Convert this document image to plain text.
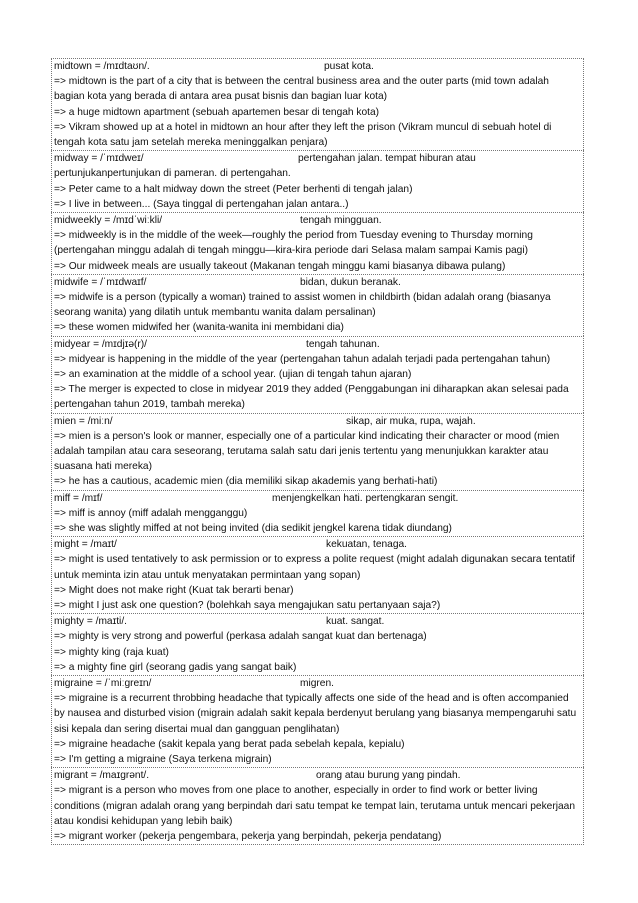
midtown = /mɪdtaʊn/.	pusat kota.
=> midtown is the part of a city that is between the central business area and the outer parts (mid town adalah bagian kota yang berada di antara area pusat bisnis dan bagian luar kota)
=> a huge midtown apartment (sebuah apartemen besar di tengah kota)
=> Vikram showed up at a hotel in midtown an hour after they left the prison (Vikram muncul di sebuah hotel di tengah kota satu jam setelah mereka meninggalkan penjara)
midway = /ˈmɪdweɪ/	pertengahan jalan. tempat hiburan atau pertunjukanpertunjukan di pameran. di pertengahan.
=> Peter came to a halt midway down the street (Peter berhenti di tengah jalan)
=> I live in between... (Saya tinggal di pertengahan jalan antara..)
midweekly = /mɪdˈwiːkli/	tengah mingguan.
=> midweekly is in the middle of the week—roughly the period from Tuesday evening to Thursday morning (pertengahan minggu adalah di tengah minggu—kira-kira periode dari Selasa malam sampai Kamis pagi)
=> Our midweek meals are usually takeout (Makanan tengah minggu kami biasanya dibawa pulang)
midwife = /ˈmɪdwaɪf/	bidan, dukun beranak.
=> midwife is a person (typically a woman) trained to assist women in childbirth (bidan adalah orang (biasanya seorang wanita) yang dilatih untuk membantu wanita dalam persalinan)
=> these women midwifed her (wanita-wanita ini membidani dia)
midyear = /mɪdjɪə(r)/	tengah tahunan.
=> midyear is happening in the middle of the year (pertengahan tahun adalah terjadi pada pertengahan tahun)
=> an examination at the middle of a school year. (ujian di tengah tahun ajaran)
=> The merger is expected to close in midyear 2019 they added (Penggabungan ini diharapkan akan selesai pada pertengahan tahun 2019, tambah mereka)
mien = /miːn/	sikap, air muka, rupa, wajah.
=> mien is a person's look or manner, especially one of a particular kind indicating their character or mood (mien adalah tampilan atau cara seseorang, terutama salah satu dari jenis tertentu yang menunjukkan karakter atau suasana hati mereka)
=> he has a cautious, academic mien (dia memiliki sikap akademis yang berhati-hati)
miff = /mɪf/	menjengkelkan hati. pertengkaran sengit.
=> miff is annoy (miff adalah mengganggu)
=> she was slightly miffed at not being invited (dia sedikit jengkel karena tidak diundang)
might = /maɪt/	kekuatan, tenaga.
=> might is used tentatively to ask permission or to express a polite request (might adalah digunakan secara tentatif untuk meminta izin atau untuk menyatakan permintaan yang sopan)
=> Might does not make right (Kuat tak berarti benar)
=> might I just ask one question? (bolehkah saya mengajukan satu pertanyaan saja?)
mighty = /maɪti/.	kuat. sangat.
=> mighty is very strong and powerful (perkasa adalah sangat kuat dan bertenaga)
=> mighty king (raja kuat)
=> a mighty fine girl (seorang gadis yang sangat baik)
migraine = /ˈmiːgreɪn/	migren.
=> migraine is a recurrent throbbing headache that typically affects one side of the head and is often accompanied by nausea and disturbed vision (migrain adalah sakit kepala berdenyut berulang yang biasanya mempengaruhi satu sisi kepala dan sering disertai mual dan gangguan penglihatan)
=> migraine headache (sakit kepala yang berat pada sebelah kepala, kepialu)
=> I'm getting a migraine (Saya terkena migrain)
migrant = /maɪgrənt/.	orang atau burung yang pindah.
=> migrant is a person who moves from one place to another, especially in order to find work or better living conditions (migran adalah orang yang berpindah dari satu tempat ke tempat lain, terutama untuk mencari pekerjaan atau kondisi kehidupan yang lebih baik)
=> migrant worker (pekerja pengembara, pekerja yang berpindah, pekerja pendatang)
